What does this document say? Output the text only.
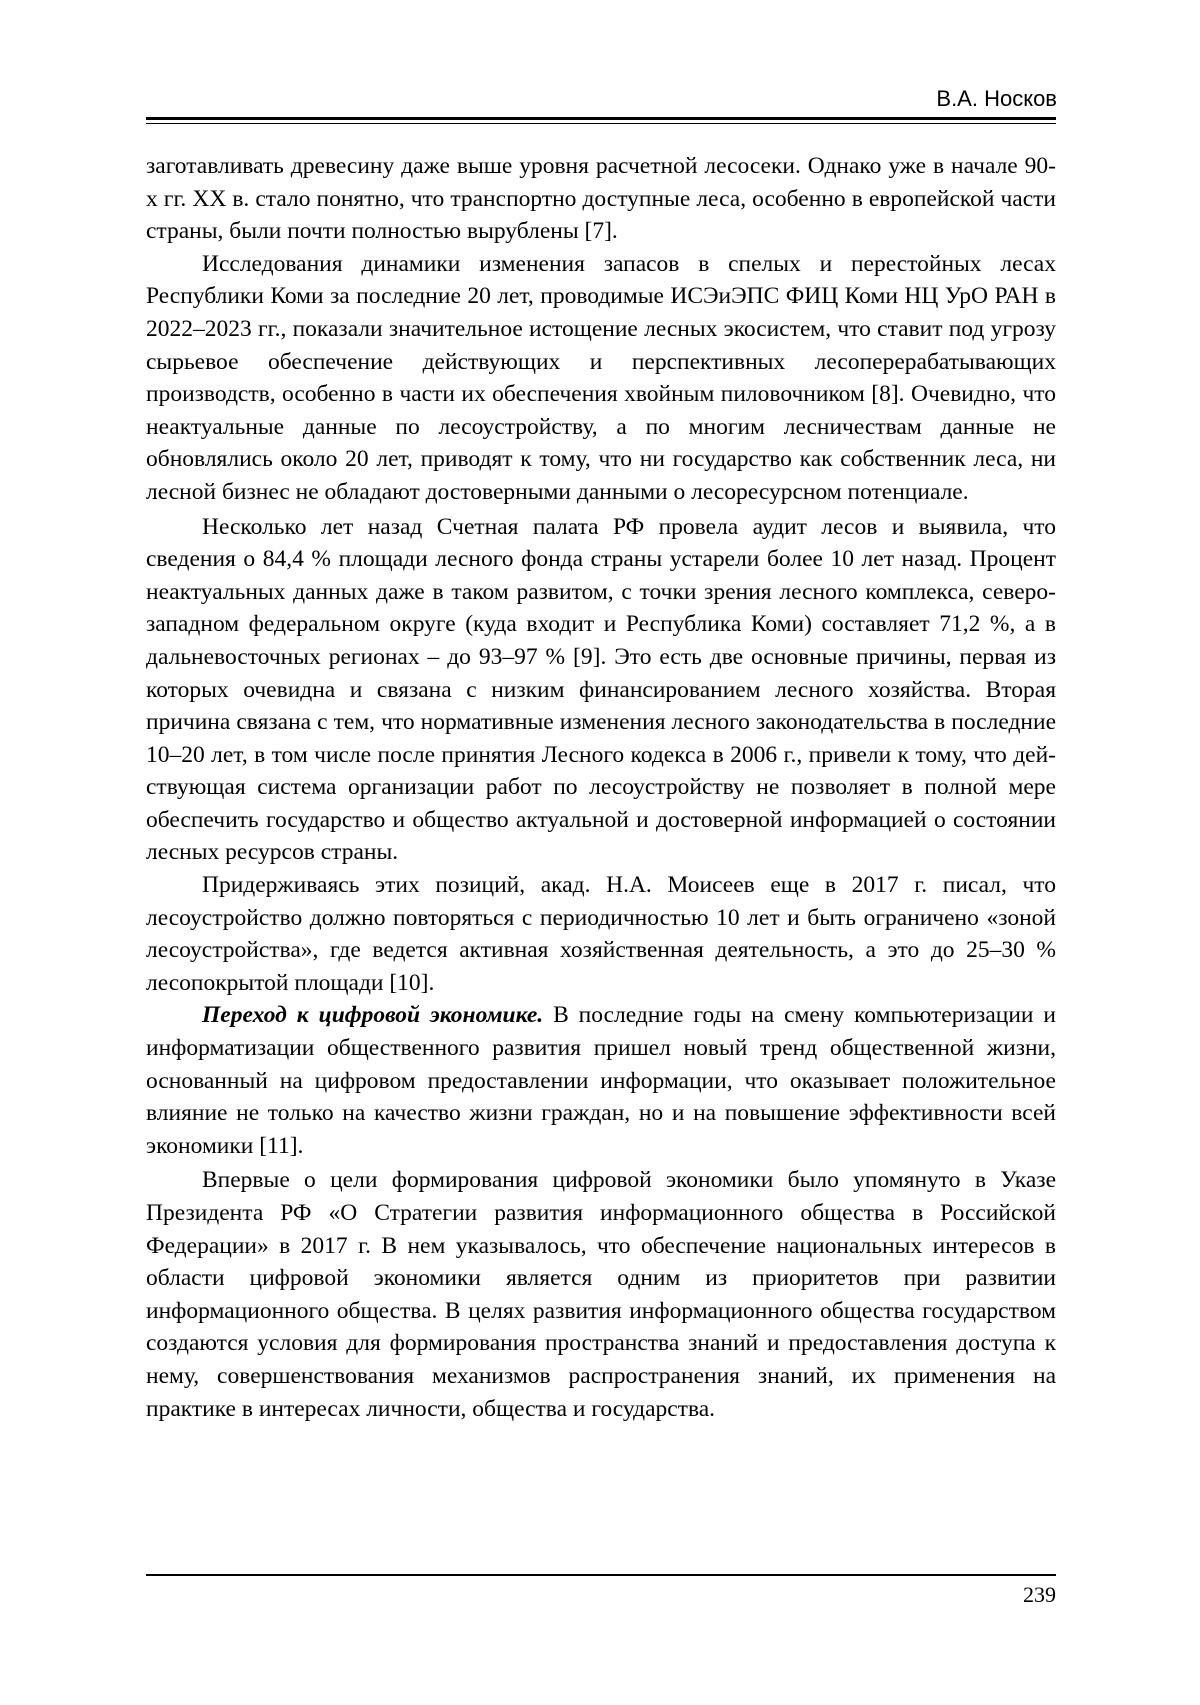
В.А. Носков

заготавливать древесину даже выше уровня расчетной лесосеки. Однако уже в начале 90-х гг. XX в. стало понятно, что транспортно доступные леса, особенно в европейской части страны, были почти полностью вырублены [7].

Исследования динамики изменения запасов в спелых и перестойных лесах Республики Коми за последние 20 лет, проводимые ИСЭиЭПС ФИЦ Коми НЦ УрО РАН в 2022–2023 гг., показали значительное истощение лесных экосистем, что ставит под угрозу сырьевое обеспечение действующих и перспективных ле­соперерабатывающих производств, особенно в части их обеспечения хвойным пиловочником [8]. Очевидно, что неактуальные данные по лесоустройству, а по многим лесничествам данные не обновлялись около 20 лет, приводят к тому, что ни государство как собственник леса, ни лесной бизнес не обладают досто­верными данными о лесоресурсном потенциале.

Несколько лет назад Счетная палата РФ провела аудит лесов и выявила, что сведения о 84,4 % площади лесного фонда страны устарели более 10 лет назад. Процент неактуальных данных даже в таком развитом, с точки зрения лесного комплекса, северо-западном федеральном округе (куда входит и Рес­публика Коми) составляет 71,2 %, а в дальневосточных регионах – до 93–97 % [9]. Это есть две основные причины, первая из которых очевидна и связана с низким финансированием лесного хозяйства. Вторая причина связана с тем, что нормативные изменения лесного законодательства в последние 10–20 лет, в том числе после принятия Лесного кодекса в 2006 г., привели к тому, что дей­ствующая система организации работ по лесоустройству не позволяет в полной мере обеспечить государство и общество актуальной и достоверной информа­цией о состоянии лесных ресурсов страны.

Придерживаясь этих позиций, акад. Н.А. Моисеев еще в 2017 г. писал, что лесоустройство должно повторяться с периодичностью 10 лет и быть ограни­чено «зоной лесоустройства», где ведется активная хозяйственная деятель­ность, а это до 25–30 % лесопокрытой площади [10].

Переход к цифровой экономике. В последние годы на смену компьютери­зации и информатизации общественного развития пришел новый тренд обще­ственной жизни, основанный на цифровом предоставлении информации, что оказывает положительное влияние не только на качество жизни граждан, но и на повышение эффективности всей экономики [11].

Впервые о цели формирования цифровой экономики было упомянуто в Указе Президента РФ «О Стратегии развития информационного общества в Российской Федерации» в 2017 г. В нем указывалось, что обеспечение нацио­нальных интересов в области цифровой экономики является одним из приори­тетов при развитии информационного общества. В целях развития информаци­онного общества государством создаются условия для формирования простран­ства знаний и предоставления доступа к нему, совершенствования механизмов распространения знаний, их применения на практике в интересах личности, об­щества и государства.

239
